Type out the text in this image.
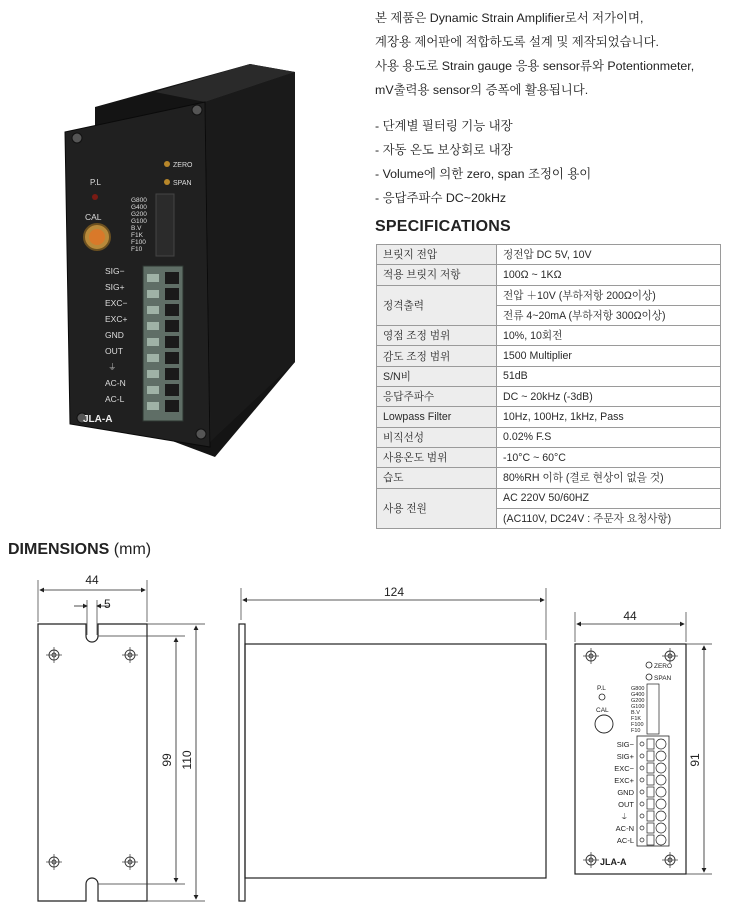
P.L
CAL
ZERO
SPAN
G800
G400
G200
G100
B.V
F1K
F100
F10
SIG−
SIG+
EXC−
EXC+
GND
OUT
⏚
AC-N
AC-L
JLA-A

본 제품은 Dynamic Strain Amplifier로서 저가이며,

계장용 제어판에 적합하도록 설계 및 제작되었습니다.

사용 용도로 Strain gauge 응용 sensor류와 Potentionmeter,

mV출력용 sensor의 증폭에 활용됩니다.

- 단계별 필터링 기능 내장
- 자동 온도 보상회로 내장
- Volume에 의한 zero, span 조정이 용이
- 응답주파수 DC~20kHz
SPECIFICATIONS
브릿지 전압	정전압 DC 5V, 10V
적용 브릿지 저항	100Ω ~ 1KΩ
정격출력	전압 ＋10V (부하저항 200Ω이상)
	전류 4~20mA (부하저항 300Ω이상)
영점 조정 범위	10%, 10회전
감도 조정 범위	1500 Multiplier
S/N비	51dB
응답주파수	DC ~ 20kHz (-3dB)
Lowpass Filter	10Hz, 100Hz, 1kHz, Pass
비직선성	0.02% F.S
사용온도 범위	-10°C ~ 60°C
습도	80%RH 이하 (결로 현상이 없을 것)
사용 전원	AC 220V 50/60HZ
	(AC110V, DC24V : 주문자 요청사항)
DIMENSIONS (mm)
44
5
99 110
124
44
91
ZERO
SPAN
P.L
CAL
G800
G400
G200
G100
B.V
F1K
F100
F10
SIG−
SIG+
EXC−
EXC+
GND
OUT
⏚
AC-N
AC-L
JLA-A
